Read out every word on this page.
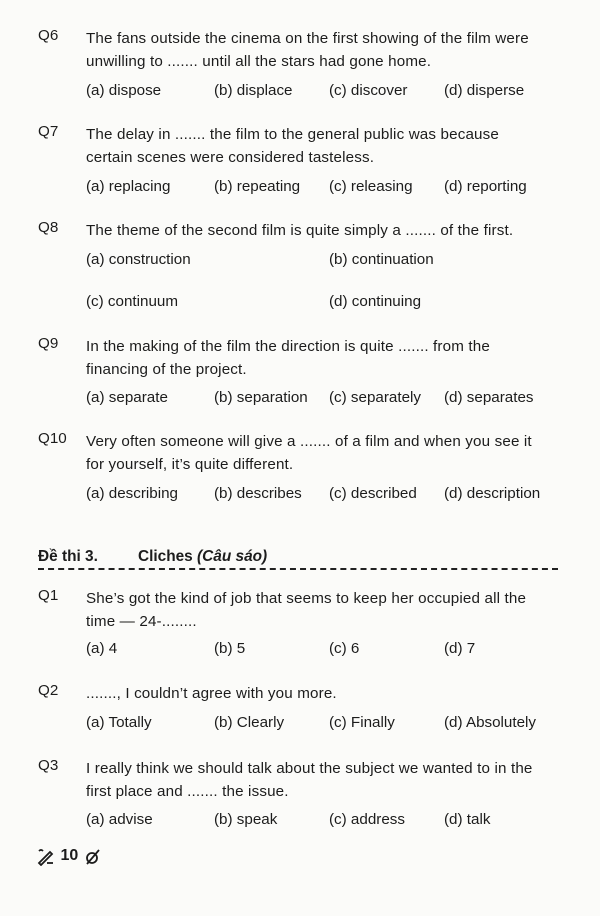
Q6	The fans outside the cinema on the first showing of the film were
unwilling to ....... until all the stars had gone home.
(a) dispose	(b) displace (c) discover (d) disperse
Q7	The delay in ....... the film to the general public was because
certain scenes were considered tasteless.
(a) replacing	(b) repeating (c) releasing (d) reporting
Q8	The theme of the second film is quite simply a ....... of the first.
(a) construction	(b) continuation
(c) continuum	(d) continuing
Q9	In the making of the film the direction is quite ....... from the
financing of the project.
(a) separate	(b) separation (c) separately (d) separates
Q10	Very often someone will give a ....... of a film and when you see it
for yourself, it’s quite different.
(a) describing (b) describes (c) described (d) description
Đề thi 3.	Cliches (Câu sáo)
Q1	She’s got the kind of job that seems to keep her occupied all the
time — 24-........
(a) 4	(b) 5	(c) 6	(d) 7
Q2	......., I couldn’t agree with you more.
(a) Totally	(b) Clearly	(c) Finally	(d) Absolutely
Q3	I really think we should talk about the subject we wanted to in the
first place and ....... the issue.
(a) advise	(b) speak	(c) address	(d) talk
10
